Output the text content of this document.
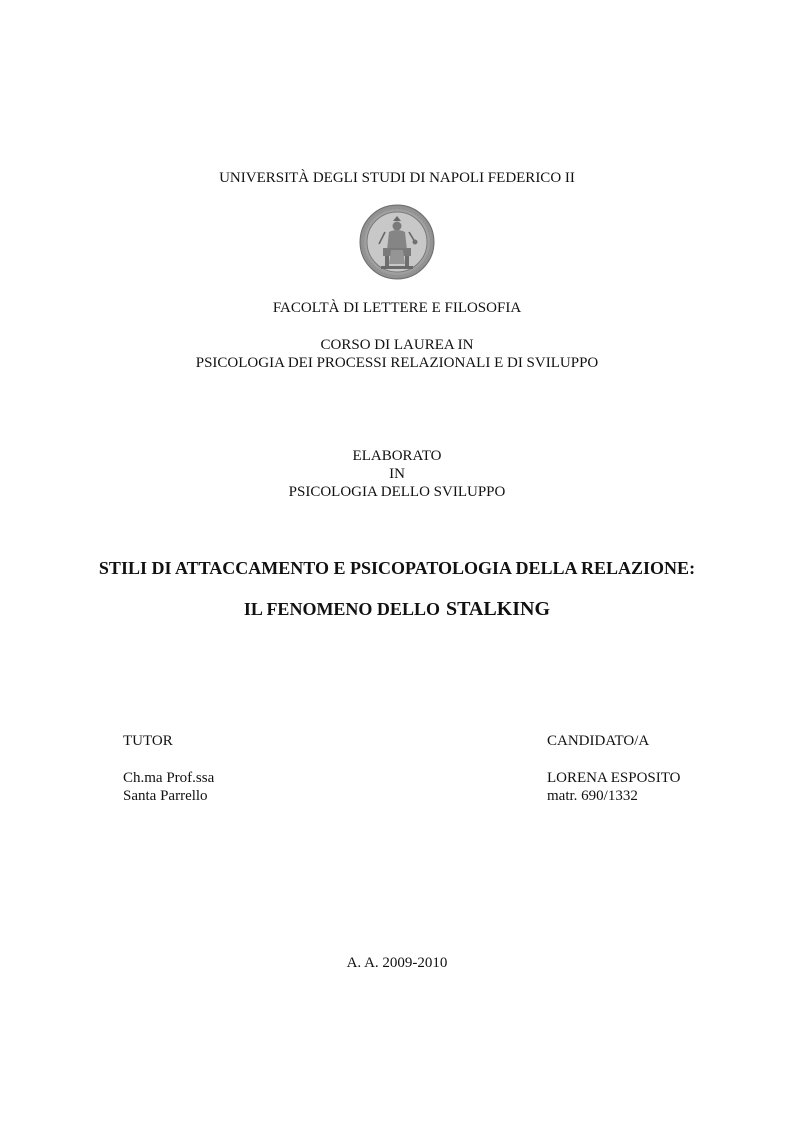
UNIVERSITÀ DEGLI STUDI DI NAPOLI FEDERICO II
FACOLTÀ DI LETTERE E FILOSOFIA
CORSO DI LAUREA IN
PSICOLOGIA DEI PROCESSI RELAZIONALI E DI SVILUPPO
ELABORATO
IN
PSICOLOGIA DELLO SVILUPPO
STILI DI ATTACCAMENTO E PSICOPATOLOGIA DELLA RELAZIONE:
IL FENOMENO DELLO STALKING
TUTOR
Ch.ma Prof.ssa
Santa Parrello
CANDIDATO/A
LORENA ESPOSITO
matr. 690/1332
A. A. 2009-2010
